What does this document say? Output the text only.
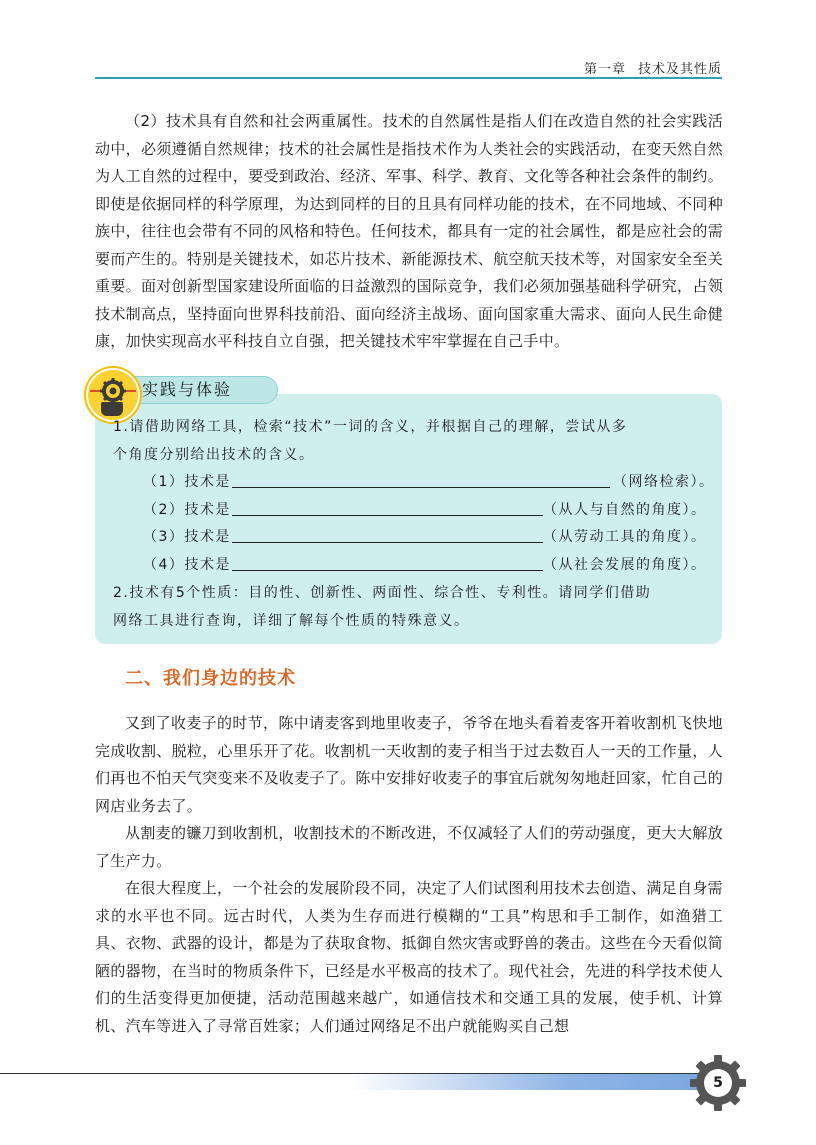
第一章 技术及其性质

（2）技术具有自然和社会两重属性。技术的自然属性是指人们在改造自然的社会实践活动中，必须遵循自然规律；技术的社会属性是指技术作为人类社会的实践活动，在变天然自然为人工自然的过程中，要受到政治、经济、军事、科学、教育、文化等各种社会条件的制约。即使是依据同样的科学原理，为达到同样的目的且具有同样功能的技术，在不同地域、不同种族中，往往也会带有不同的风格和特色。任何技术，都具有一定的社会属性，都是应社会的需要而产生的。特别是关键技术，如芯片技术、新能源技术、航空航天技术等，对国家安全至关重要。面对创新型国家建设所面临的日益激烈的国际竞争，我们必须加强基础科学研究，占领技术制高点，坚持面向世界科技前沿、面向经济主战场、面向国家重大需求、面向人民生命健康，加快实现高水平科技自立自强，把关键技术牢牢掌握在自己手中。

实践与体验
1.请借助网络工具，检索“技术”一词的含义，并根据自己的理解，尝试从多
个角度分别给出技术的含义。
（1）技术是	（网络检索）。
（2）技术是	（从人与自然的角度）。
（3）技术是	（从劳动工具的角度）。
（4）技术是	（从社会发展的角度）。
2.技术有5个性质：目的性、创新性、两面性、综合性、专利性。请同学们借助
网络工具进行查询，详细了解每个性质的特殊意义。
二、我们身边的技术

又到了收麦子的时节，陈中请麦客到地里收麦子，爷爷在地头看着麦客开着收割机飞快地完成收割、脱粒，心里乐开了花。收割机一天收割的麦子相当于过去数百人一天的工作量，人们再也不怕天气突变来不及收麦子了。陈中安排好收麦子的事宜后就匆匆地赶回家，忙自己的网店业务去了。

从割麦的镰刀到收割机，收割技术的不断改进，不仅减轻了人们的劳动强度，更大大解放了生产力。

在很大程度上，一个社会的发展阶段不同，决定了人们试图利用技术去创造、满足自身需求的水平也不同。远古时代，人类为生存而进行模糊的“工具”构思和手工制作，如渔猎工具、衣物、武器的设计，都是为了获取食物、抵御自然灾害或野兽的袭击。这些在今天看似简陋的器物，在当时的物质条件下，已经是水平极高的技术了。现代社会，先进的科学技术使人们的生活变得更加便捷，活动范围越来越广，如通信技术和交通工具的发展，使手机、计算机、汽车等进入了寻常百姓家；人们通过网络足不出户就能购买自己想

5
